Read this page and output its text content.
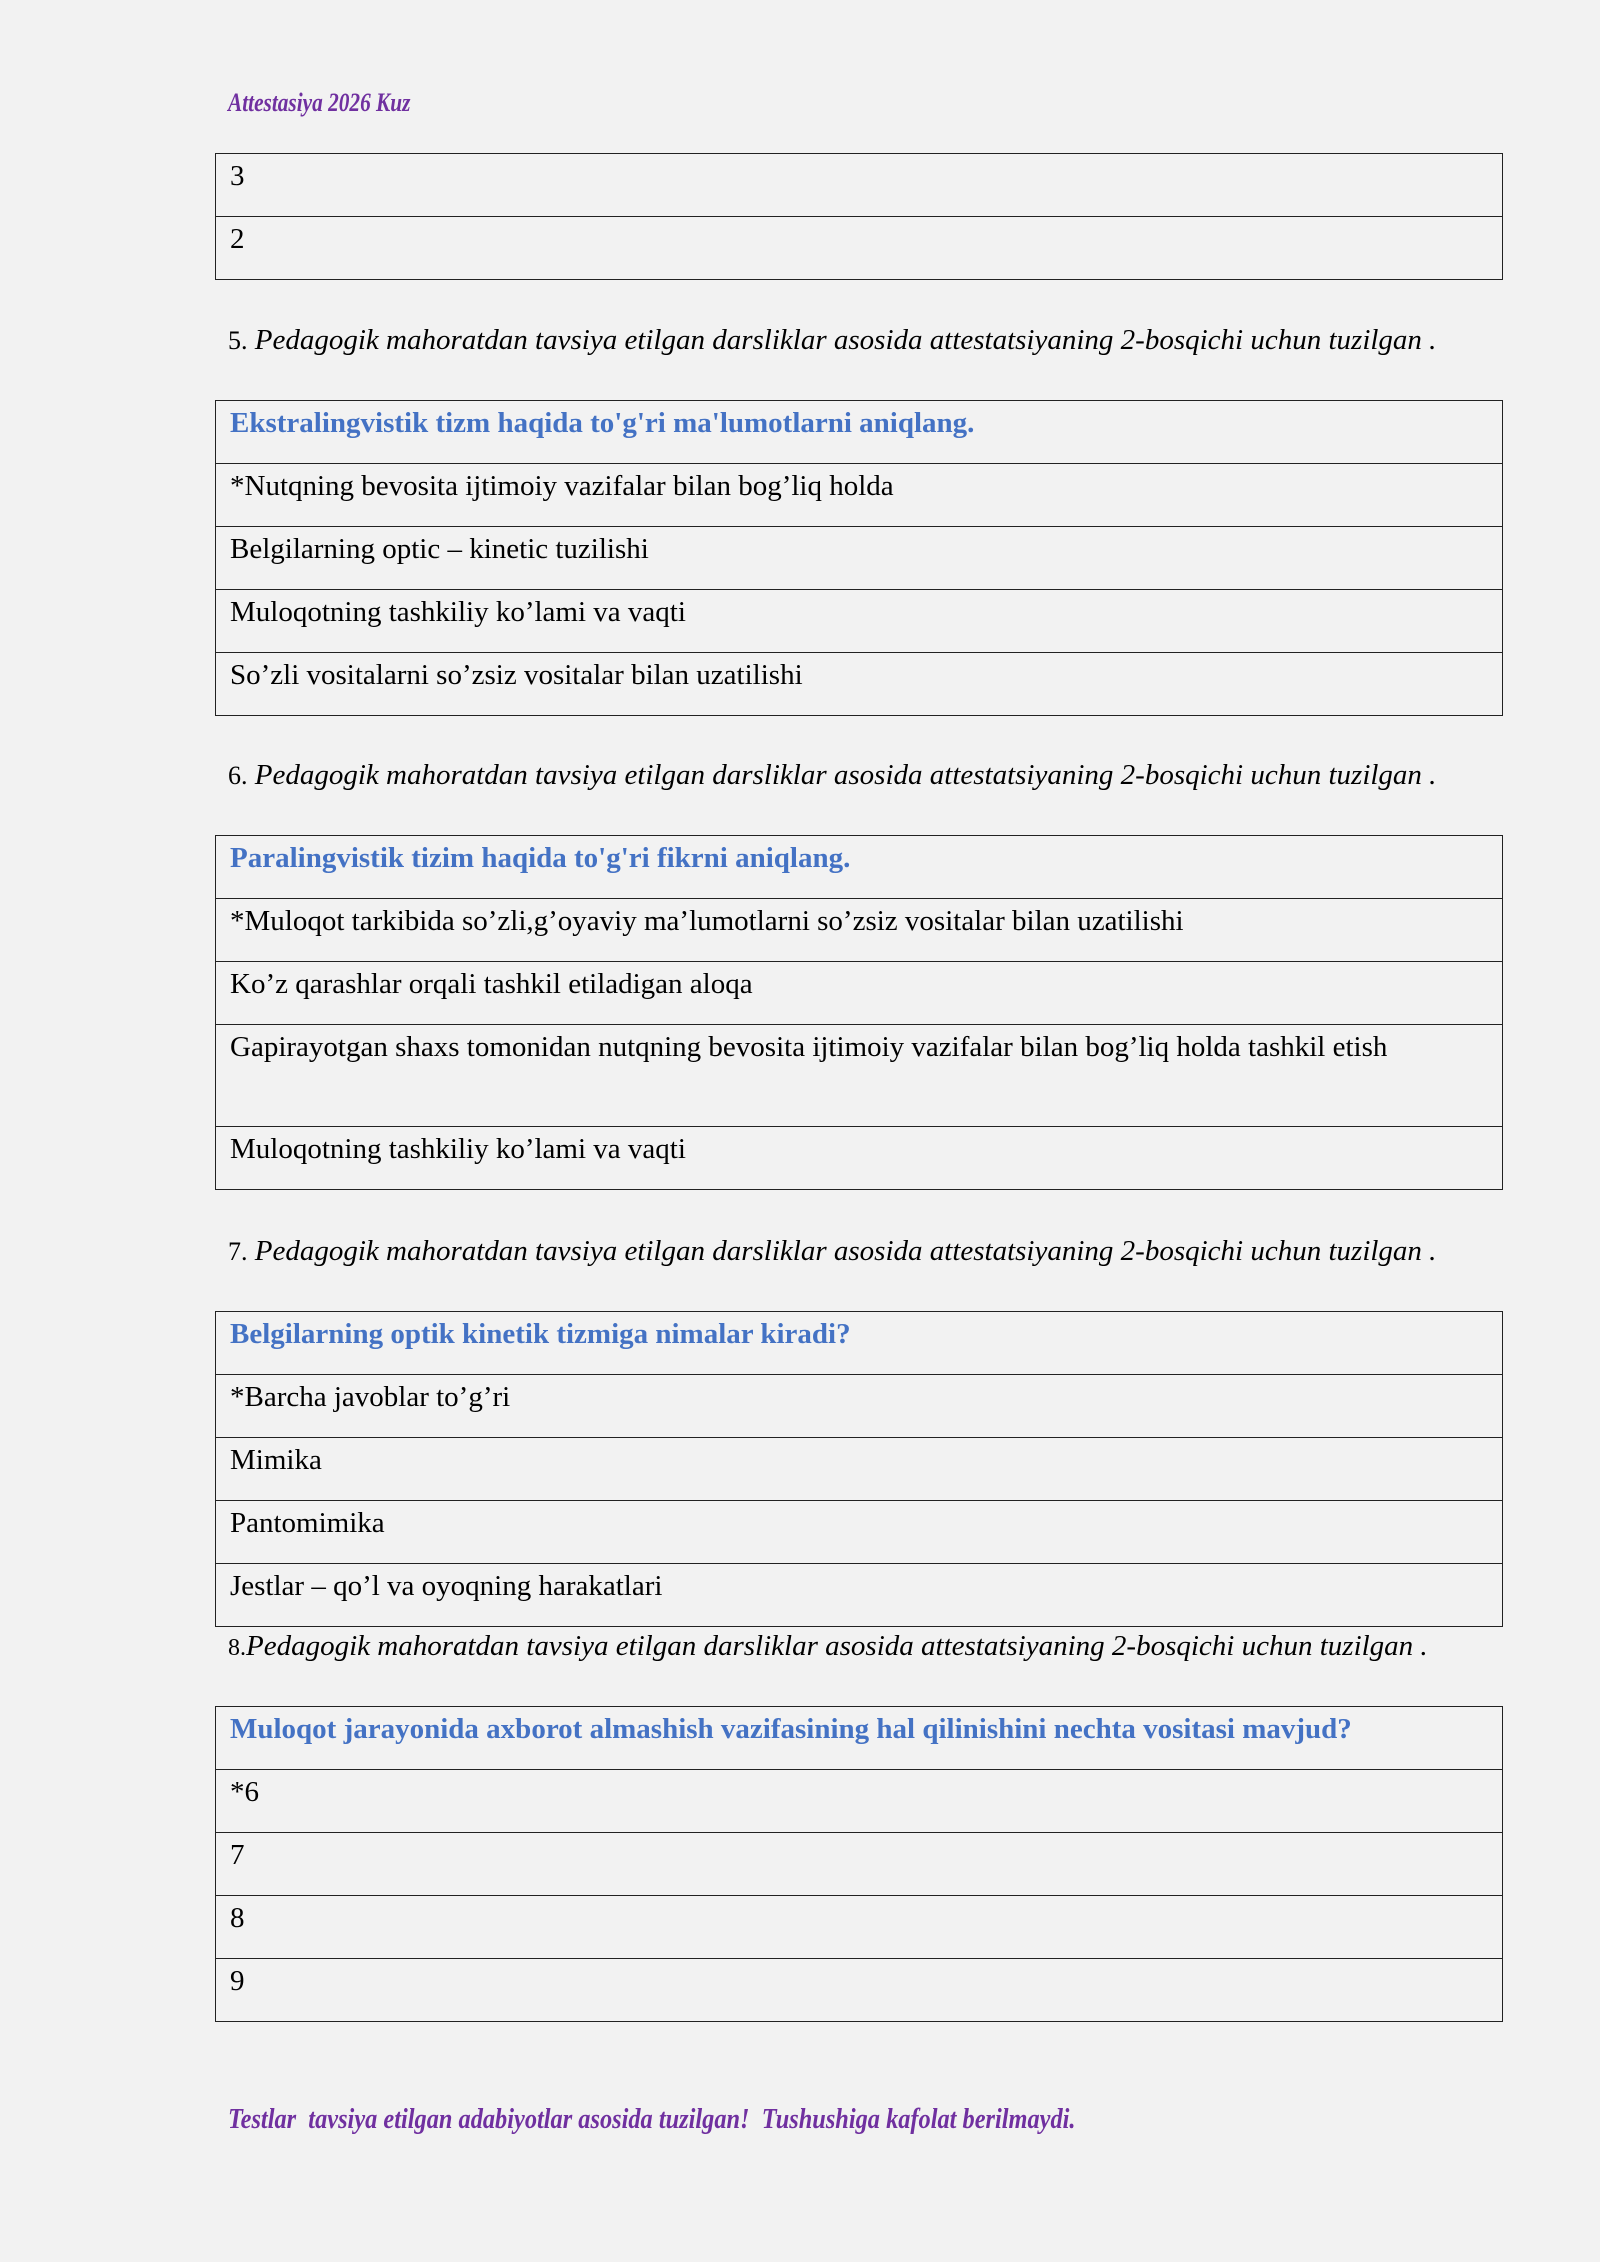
Attestasiya 2026 Kuz
3
2
5. Pedagogik mahoratdan tavsiya etilgan darsliklar asosida attestatsiyaning 2-bosqichi uchun tuzilgan .
Ekstralingvistik tizm haqida to'g'ri ma'lumotlarni aniqlang.
*Nutqning bevosita ijtimoiy vazifalar bilan bog’liq holda
Belgilarning optic – kinetic tuzilishi
Muloqotning tashkiliy ko’lami va vaqti
So’zli vositalarni so’zsiz vositalar bilan uzatilishi
6. Pedagogik mahoratdan tavsiya etilgan darsliklar asosida attestatsiyaning 2-bosqichi uchun tuzilgan .
Paralingvistik tizim haqida to'g'ri fikrni aniqlang.
*Muloqot tarkibida so’zli,g’oyaviy ma’lumotlarni so’zsiz vositalar bilan uzatilishi
Ko’z qarashlar orqali tashkil etiladigan aloqa
Gapirayotgan shaxs tomonidan nutqning bevosita ijtimoiy vazifalar bilan bog’liq holda tashkil etish
Muloqotning tashkiliy ko’lami va vaqti
7. Pedagogik mahoratdan tavsiya etilgan darsliklar asosida attestatsiyaning 2-bosqichi uchun tuzilgan .
Belgilarning optik kinetik tizmiga nimalar kiradi?
*Barcha javoblar to’g’ri
Mimika
Pantomimika
Jestlar – qo’l va oyoqning harakatlari
8.Pedagogik mahoratdan tavsiya etilgan darsliklar asosida attestatsiyaning 2-bosqichi uchun tuzilgan .
Muloqot jarayonida axborot almashish vazifasining hal qilinishini nechta vositasi mavjud?
*6
7
8
9
Testlar  tavsiya etilgan adabiyotlar asosida tuzilgan!  Tushushiga kafolat berilmaydi.
